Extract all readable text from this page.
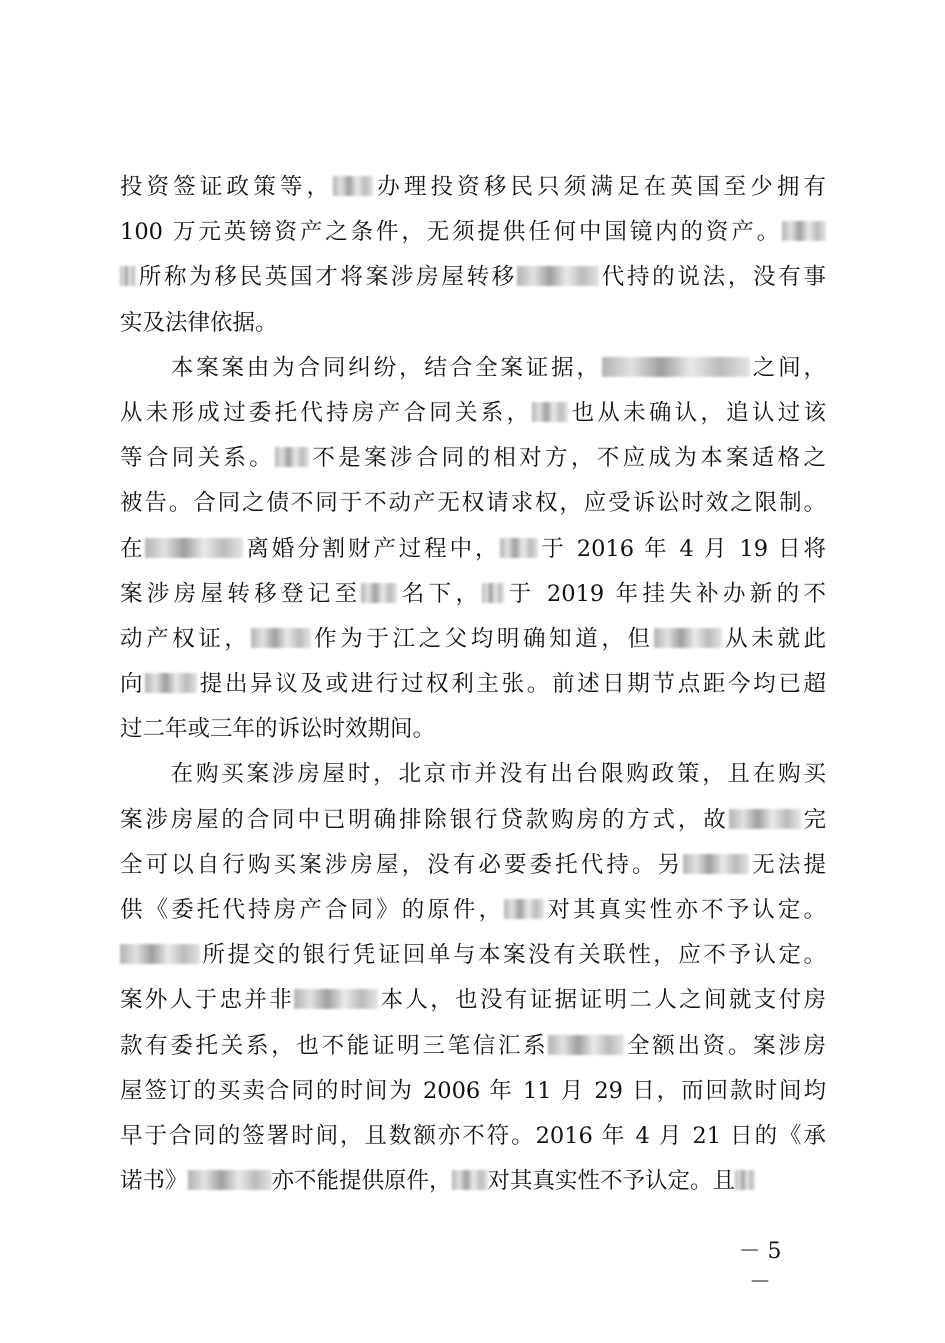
投资签证政策等， 办理投资移民只须满足在英国至少拥有
100 万元英镑资产之条件，无须提供任何中国镜内的资产。
所称为移民英国才将案涉房屋转移	代持的说法，没有事
实及法律依据。
　　本案案由为合同纠纷，结合全案证据，	之间，
从未形成过委托代持房产合同关系， 也从未确认，追认过该
等合同关系。 不是案涉合同的相对方，不应成为本案适格之
被告。合同之债不同于不动产无权请求权，应受诉讼时效之限制。
在	离婚分割财产过程中， 于 2016 年 4 月 19 日将
案涉房屋转移登记至 名下， 于 2019 年挂失补办新的不
动产权证，	作为于江之父均明确知道，但	从未就此
向 提出异议及或进行过权利主张。前述日期节点距今均已超
过二年或三年的诉讼时效期间。
　　在购买案涉房屋时，北京市并没有出台限购政策，且在购买
案涉房屋的合同中已明确排除银行贷款购房的方式，故	完
全可以自行购买案涉房屋，没有必要委托代持。另	无法提
供《委托代持房产合同》的原件， 对其真实性亦不予认定。
所提交的银行凭证回单与本案没有关联性，应不予认定。
案外人于忠并非	本人，也没有证据证明二人之间就支付房
款有委托关系，也不能证明三笔信汇系	全额出资。案涉房
屋签订的买卖合同的时间为 2006 年 11 月 29 日，而回款时间均
早于合同的签署时间，且数额亦不符。2016 年 4 月 21 日的《承
诺书》	亦不能提供原件， 对其真实性不予认定。且
－ 5 －
